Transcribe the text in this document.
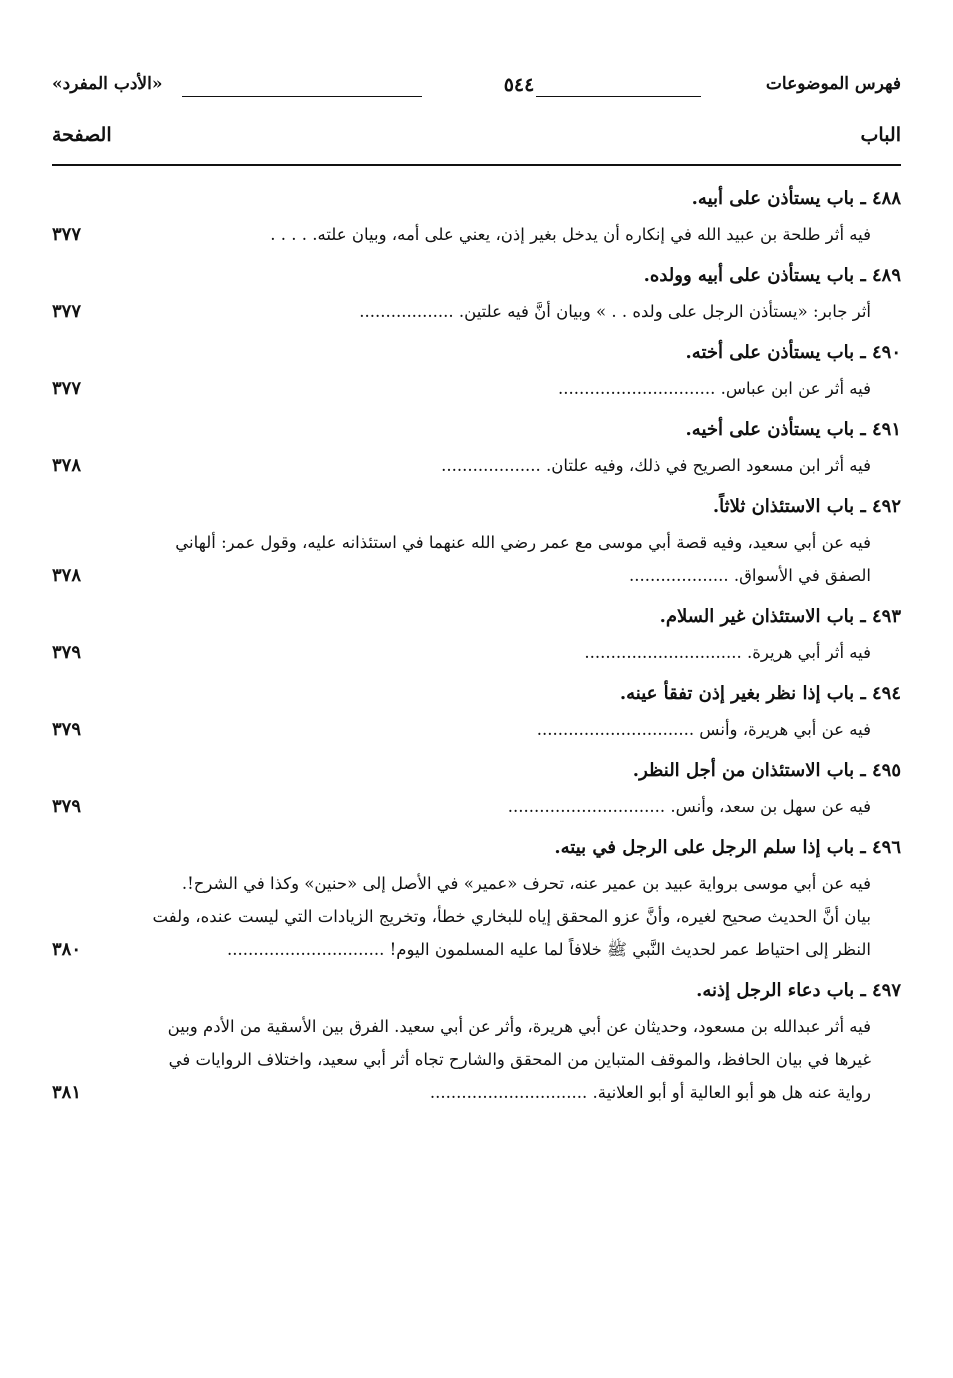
فهرس الموضوعات
٥٤٤
«الأدب المفرد»
الباب
الصفحة
٤٨٨ ـ باب يستأذن على أبيه.
فيه أثر طلحة بن عبيد الله في إنكاره أن يدخل بغير إذن، يعني على أمه، وبيان علته. . . . .
٣٧٧
٤٨٩ ـ باب يستأذن على أبيه وولده.
أثر جابر: «يستأذن الرجل على ولده . . » وبيان أنَّ فيه علتين. ..................
٣٧٧
٤٩٠ ـ باب يستأذن على أخته.
فيه أثر عن ابن عباس. ..............................
٣٧٧
٤٩١ ـ باب يستأذن على أخيه.
فيه أثر ابن مسعود الصريح في ذلك، وفيه علتان. ...................
٣٧٨
٤٩٢ ـ باب الاستئذان ثلاثاً.
فيه عن أبي سعيد، وفيه قصة أبي موسى مع عمر رضي الله عنهما في استئذانه عليه، وقول عمر: ألهاني الصفق في الأسواق. ...................
٣٧٨
٤٩٣ ـ باب الاستئذان غير السلام.
فيه أثر أبي هريرة. ..............................
٣٧٩
٤٩٤ ـ باب إذا نظر بغير إذن تفقأ عينه.
فيه عن أبي هريرة، وأنس ..............................
٣٧٩
٤٩٥ ـ باب الاستئذان من أجل النظر.
فيه عن سهل بن سعد، وأنس. ..............................
٣٧٩
٤٩٦ ـ باب إذا سلم الرجل على الرجل في بيته.
فيه عن أبي موسى برواية عبيد بن عمير عنه، تحرف «عمير» في الأصل إلى «حنين» وكذا في الشرح!. بيان أنَّ الحديث صحيح لغيره، وأنَّ عزو المحقق إياه للبخاري خطأ، وتخريج الزيادات التي ليست عنده، ولفت النظر إلى احتياط عمر لحديث النَّبي ﷺ خلافاً لما عليه المسلمون اليوم! ..............................
٣٨٠
٤٩٧ ـ باب دعاء الرجل إذنه.
فيه أثر عبدالله بن مسعود، وحديثان عن أبي هريرة، وأثر عن أبي سعيد. الفرق بين الأسقية من الأدم وبين غيرها في بيان الحافظ، والموقف المتباين من المحقق والشارح تجاه أثر أبي سعيد، واختلاف الروايات في رواية عنه هل هو أبو العالية أو أبو العلانية. ..............................
٣٨١
